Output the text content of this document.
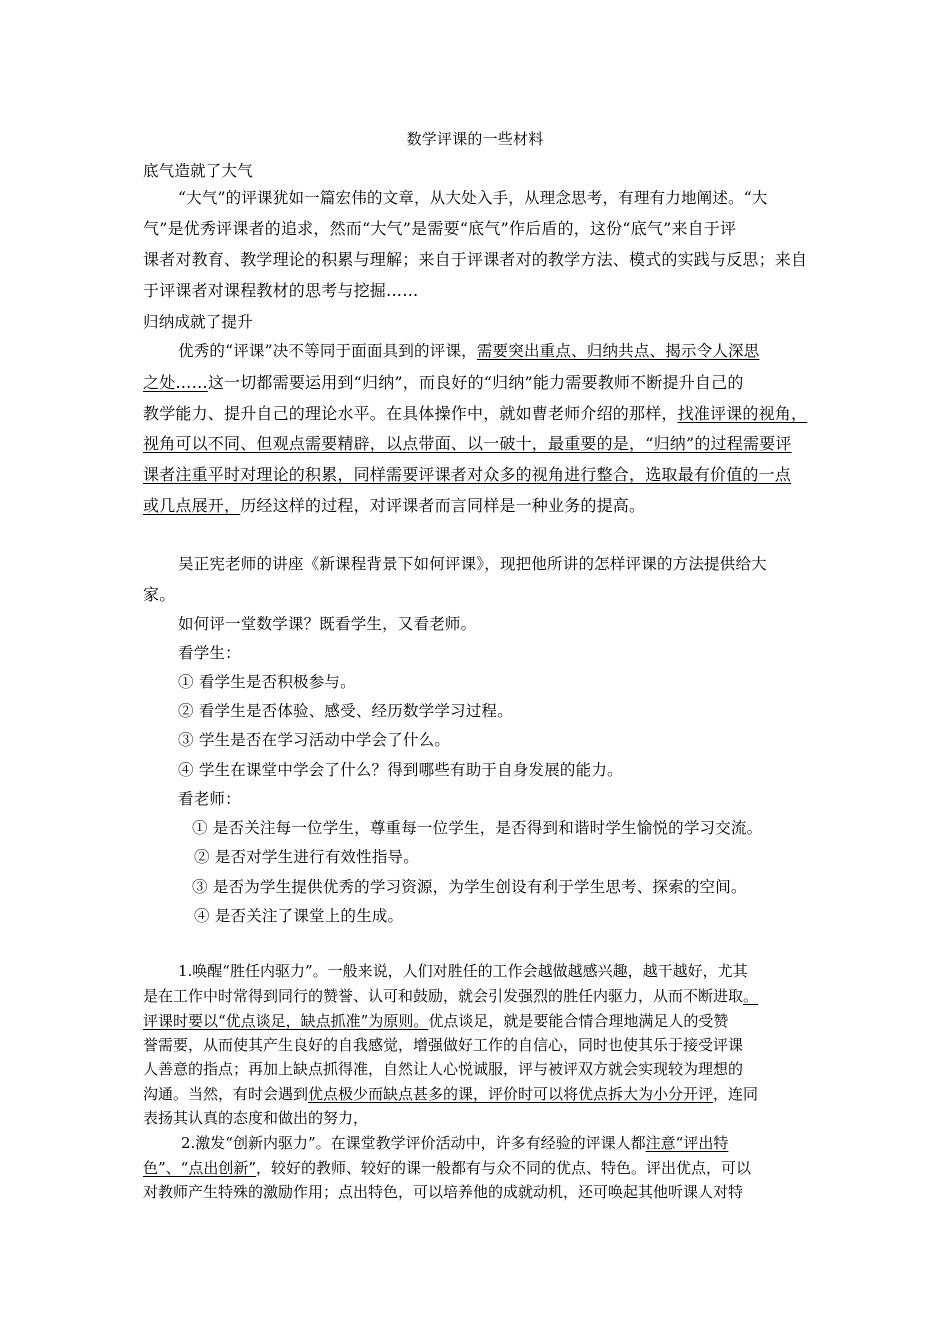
数学评课的一些材料
底气造就了大气
“大气”的评课犹如一篇宏伟的文章，从大处入手，从理念思考，有理有力地阐述。“大
气”是优秀评课者的追求，然而“大气”是需要“底气”作后盾的，这份“底气”来自于评
课者对教育、教学理论的积累与理解；来自于评课者对的教学方法、模式的实践与反思；来自
于评课者对课程教材的思考与挖掘……
归纳成就了提升
优秀的“评课”决不等同于面面具到的评课，需要突出重点、归纳共点、揭示令人深思
之处……这一切都需要运用到“归纳”，而良好的“归纳”能力需要教师不断提升自己的
教学能力、提升自己的理论水平。在具体操作中，就如曹老师介绍的那样，找准评课的视角，
视角可以不同、但观点需要精辟，以点带面、以一破十，最重要的是，“归纳”的过程需要评
课者注重平时对理论的积累，同样需要评课者对众多的视角进行整合，选取最有价值的一点
或几点展开，历经这样的过程，对评课者而言同样是一种业务的提高。
吴正宪老师的讲座《新课程背景下如何评课》，现把他所讲的怎样评课的方法提供给大
家。
如何评一堂数学课？既看学生，又看老师。
看学生：
① 看学生是否积极参与。
② 看学生是否体验、感受、经历数学学习过程。
③ 学生是否在学习活动中学会了什么。
④ 学生在课堂中学会了什么？得到哪些有助于自身发展的能力。
看老师：
① 是否关注每一位学生，尊重每一位学生，是否得到和谐时学生愉悦的学习交流。
② 是否对学生进行有效性指导。
③ 是否为学生提供优秀的学习资源，为学生创设有利于学生思考、探索的空间。
④ 是否关注了课堂上的生成。
1.唤醒“胜任内驱力”。一般来说，人们对胜任的工作会越做越感兴趣，越干越好，尤其
是在工作中时常得到同行的赞誉、认可和鼓励，就会引发强烈的胜任内驱力，从而不断进取。
评课时要以“优点谈足，缺点抓准”为原则。优点谈足，就是要能合情合理地满足人的受赞
誉需要，从而使其产生良好的自我感觉，增强做好工作的自信心，同时也使其乐于接受评课
人善意的指点；再加上缺点抓得准，自然让人心悦诚服，评与被评双方就会实现较为理想的
沟通。当然，有时会遇到优点极少而缺点甚多的课，评价时可以将优点拆大为小分开评，连同
表扬其认真的态度和做出的努力，
2.激发“创新内驱力”。在课堂教学评价活动中，许多有经验的评课人都注意“评出特
色”、“点出创新”，较好的教师、较好的课一般都有与众不同的优点、特色。评出优点，可以
对教师产生特殊的激励作用；点出特色，可以培养他的成就动机，还可唤起其他听课人对特
